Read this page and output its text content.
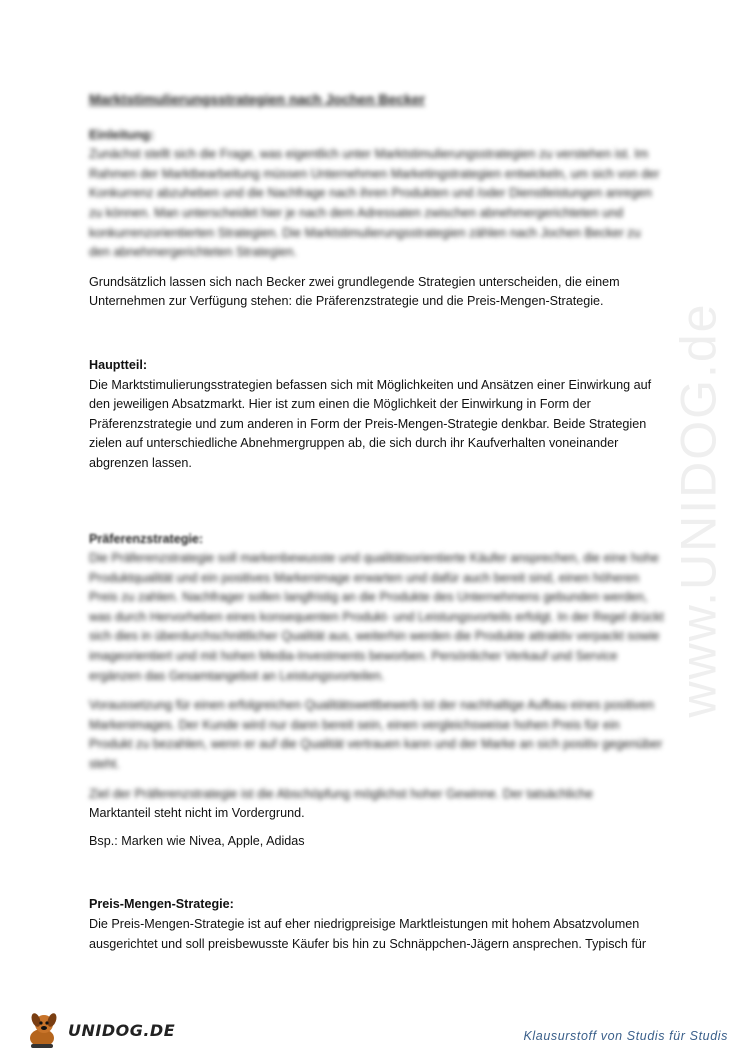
www.UNIDOG.de

Marktstimulierungsstrategien nach Jochen Becker

Einleitung:

Zunächst stellt sich die Frage, was eigentlich unter Marktstimulierungsstrategien zu verstehen ist. Im Rahmen der Marktbearbeitung müssen Unternehmen Marketingstrategien entwickeln, um sich von der Konkurrenz abzuheben und die Nachfrage nach ihren Produkten und /oder Dienstleistungen anregen zu können. Man unterscheidet hier je nach dem Adressaten zwischen abnehmergerichteten und konkurrenzorientierten Strategien. Die Marktstimulierungsstrategien zählen nach Jochen Becker zu den abnehmergerichteten Strategien.

Grundsätzlich lassen sich nach Becker zwei grundlegende Strategien unterscheiden, die einem Unternehmen zur Verfügung stehen: die Präferenzstrategie und die Preis-Mengen-Strategie.

Hauptteil:

Die Marktstimulierungsstrategien befassen sich mit Möglichkeiten und Ansätzen einer Einwirkung auf den jeweiligen Absatzmarkt. Hier ist zum einen die Möglichkeit der Einwirkung in Form der Präferenzstrategie und zum anderen in Form der Preis-Mengen-Strategie denkbar. Beide Strategien zielen auf unterschiedliche Abnehmergruppen ab, die sich durch ihr Kaufverhalten voneinander abgrenzen lassen.

Präferenzstrategie:

Die Präferenzstrategie soll markenbewusste und qualitätsorientierte Käufer ansprechen, die eine hohe Produktqualität und ein positives Markenimage erwarten und dafür auch bereit sind, einen höheren Preis zu zahlen. Nachfrager sollen langfristig an die Produkte des Unternehmens gebunden werden, was durch Hervorheben eines konsequenten Produkt- und Leistungsvorteils erfolgt. In der Regel drückt sich dies in überdurchschnittlicher Qualität aus, weiterhin werden die Produkte attraktiv verpackt sowie imageorientiert und mit hohen Media-Investments beworben. Persönlicher Verkauf und Service ergänzen das Gesamtangebot an Leistungsvorteilen.

Voraussetzung für einen erfolgreichen Qualitätswettbewerb ist der nachhaltige Aufbau eines positiven Markenimages. Der Kunde wird nur dann bereit sein, einen vergleichsweise hohen Preis für ein Produkt zu bezahlen, wenn er auf die Qualität vertrauen kann und der Marke an sich positiv gegenüber steht.

Ziel der Präferenzstrategie ist die Abschöpfung möglichst hoher Gewinne. Der tatsächliche
Marktanteil steht nicht im Vordergrund.

Bsp.: Marken wie Nivea, Apple, Adidas

Preis-Mengen-Strategie:

Die Preis-Mengen-Strategie ist auf eher niedrigpreisige Marktleistungen mit hohem Absatzvolumen ausgerichtet und soll preisbewusste Käufer bis hin zu Schnäppchen-Jägern ansprechen. Typisch für

UNIDOG.DE	Klausurstoff von Studis für Studis
